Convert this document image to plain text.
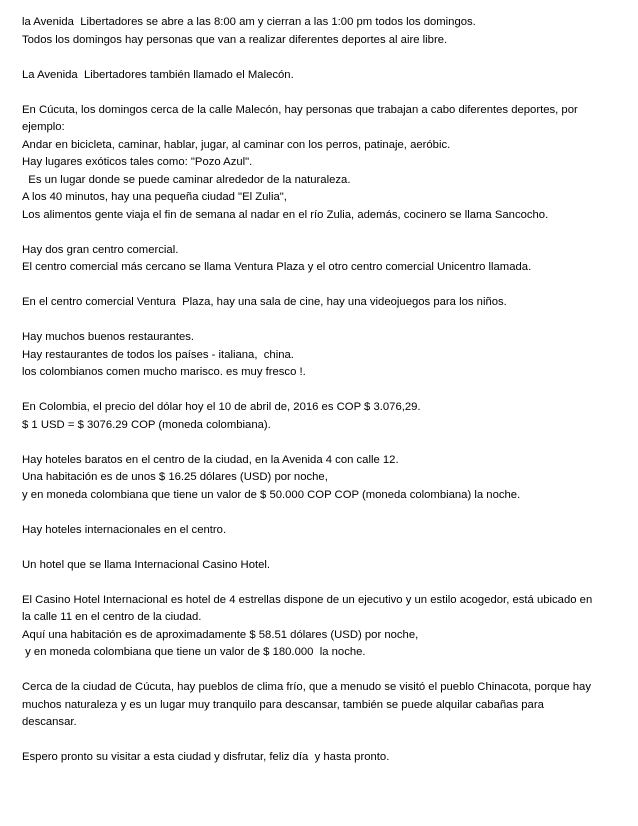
la Avenida  Libertadores se abre a las 8:00 am y cierran a las 1:00 pm todos los domingos.
Todos los domingos hay personas que van a realizar diferentes deportes al aire libre.
La Avenida  Libertadores también llamado el Malecón.
En Cúcuta, los domingos cerca de la calle Malecón, hay personas que trabajan a cabo diferentes deportes, por ejemplo:
Andar en bicicleta, caminar, hablar, jugar, al caminar con los perros, patinaje, aeróbic.
Hay lugares exóticos tales como: "Pozo Azul".
Es un lugar donde se puede caminar alrededor de la naturaleza.
A los 40 minutos, hay una pequeña ciudad "El Zulia",
Los alimentos gente viaja el fin de semana al nadar en el río Zulia, además, cocinero se llama Sancocho.
Hay dos gran centro comercial.
El centro comercial más cercano se llama Ventura Plaza y el otro centro comercial Unicentro llamada.
En el centro comercial Ventura  Plaza, hay una sala de cine, hay una videojuegos para los niños.
Hay muchos buenos restaurantes.
Hay restaurantes de todos los países - italiana,  china.
los colombianos comen mucho marisco. es muy fresco !.
En Colombia, el precio del dólar hoy el 10 de abril de, 2016 es COP $ 3.076,29.
$ 1 USD = $ 3076.29 COP (moneda colombiana).
Hay hoteles baratos en el centro de la ciudad, en la Avenida 4 con calle 12.
Una habitación es de unos $ 16.25 dólares (USD) por noche,
y en moneda colombiana que tiene un valor de $ 50.000 COP COP (moneda colombiana) la noche.
Hay hoteles internacionales en el centro.
Un hotel que se llama Internacional Casino Hotel.
El Casino Hotel Internacional es hotel de 4 estrellas dispone de un ejecutivo y un estilo acogedor, está ubicado en la calle 11 en el centro de la ciudad.
Aquí una habitación es de aproximadamente $ 58.51 dólares (USD) por noche,
y en moneda colombiana que tiene un valor de $ 180.000  la noche.
Cerca de la ciudad de Cúcuta, hay pueblos de clima frío, que a menudo se visitó el pueblo Chinacota, porque hay muchos naturaleza y es un lugar muy tranquilo para descansar, también se puede alquilar cabañas para descansar.
Espero pronto su visitar a esta ciudad y disfrutar, feliz día  y hasta pronto.
